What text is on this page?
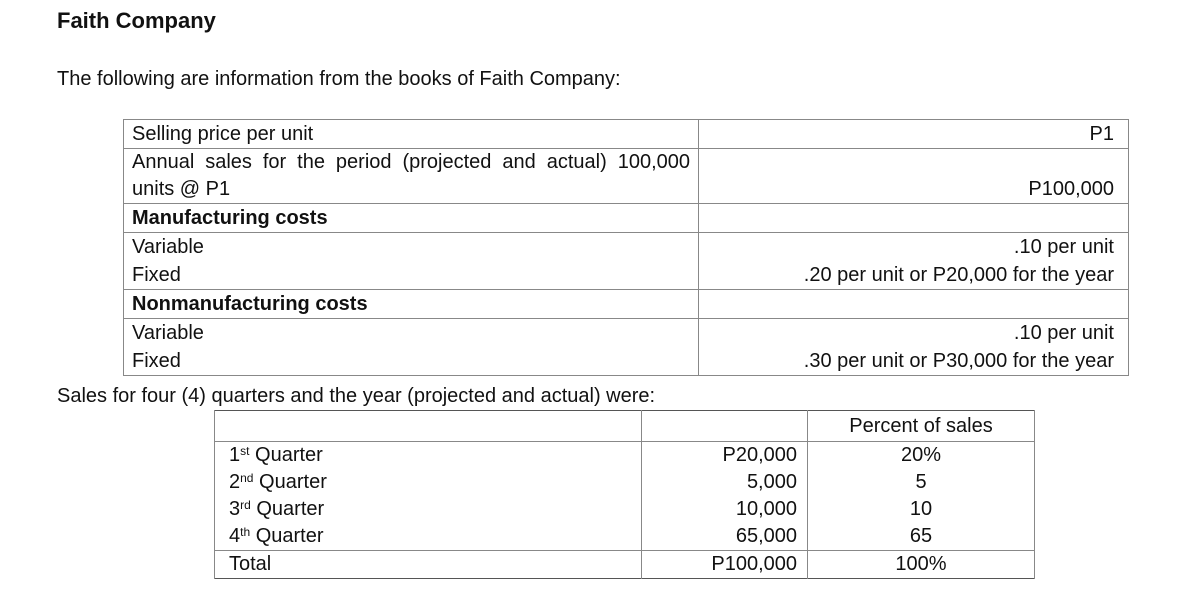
Faith Company
The following are information from the books of Faith Company:
Selling price per unit	P1
Annual sales for the period (projected and actual) 100,000 units @ P1	P100,000
Manufacturing costs	
Variable	.10 per unit
Fixed	.20 per unit or P20,000 for the year
Nonmanufacturing costs	
Variable	.10 per unit
Fixed	.30 per unit or P30,000 for the year
Sales for four (4) quarters and the year (projected and actual) were:
		Percent of sales
1st Quarter	P20,000	20%
2nd Quarter	5,000	5
3rd Quarter	10,000	10
4th Quarter	65,000	65
Total	P100,000	100%
